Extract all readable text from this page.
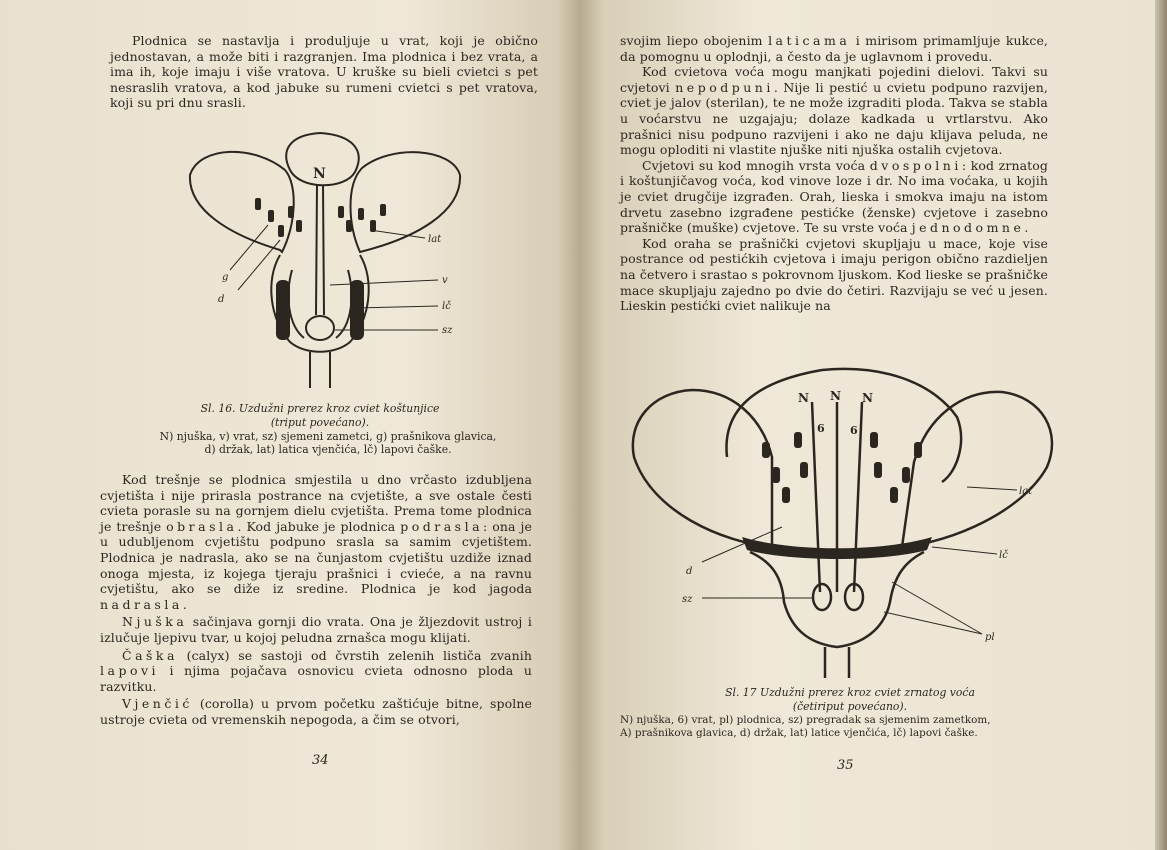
Plodnica se nastavlja i produljuje u vrat, koji je obično jednostavan, a može biti i razgranjen. Ima plodnica i bez vrata, a ima ih, koje imaju i više vratova. U kruške su bieli cvietci s pet nesraslih vratova, a kod jabuke su rumeni cvietci s pet vratova, koji su pri dnu srasli.

N
lat
v
lč
sz
g
d
Sl. 16. Uzdužni prerez kroz cviet koštunjice
(triput povećano).
N) njuška, v) vrat, sz) sjemeni zametci, g) prašnikova glavica,
d) držak, lat) latica vjenčića, lč) lapovi čaške.

Kod trešnje se plodnica smjestila u dno vrčasto izdubljena cvjetišta i nije prirasla postrance na cvjetište, a sve ostale česti cvieta porasle su na gornjem dielu cvjetišta. Prema tome plodnica je trešnje obrasla. Kod jabuke je plodnica podrasla: ona je u udubljenom cvjetištu podpuno srasla sa samim cvjetištem. Plodnica je nadrasla, ako se na čunjastom cvjetištu uzdiže iznad onoga mjesta, iz kojega tjeraju prašnici i cvieće, a na ravnu cvjetištu, ako se diže iz sredine. Plodnica je kod jagoda nadrasla.

Njuška sačinjava gornji dio vrata. Ona je žljezdovit ustroj i izlučuje ljepivu tvar, u kojoj peludna zrnašca mogu klijati.

Čaška (calyx) se sastoji od čvrstih zelenih lističa zvanih lapovi i njima pojačava osnovicu cvieta odnosno ploda u razvitku.

Vjenčić (corolla) u prvom početku zaštićuje bitne, spolne ustroje cvieta od vremenskih nepogoda, a čim se otvori,

34

svojim liepo obojenim laticama i mirisom primamljuje kukce, da pomognu u oplodnji, a često da je uglavnom i provedu.

Kod cvietova voća mogu manjkati pojedini dielovi. Takvi su cvjetovi nepodpuni. Nije li pestić u cvietu podpuno razvijen, cviet je jalov (sterilan), te ne može izgraditi ploda. Takva se stabla u voćarstvu ne uzgajaju; dolaze kadkada u vrtlarstvu. Ako prašnici nisu podpuno razvijeni i ako ne daju klijava peluda, ne mogu oploditi ni vlastite njuške niti njuška ostalih cvjetova.

Cvjetovi su kod mnogih vrsta voća dvospolni: kod zrnatog i koštunjičavog voća, kod vinove loze i dr. No ima voćaka, u kojih je cviet drugčije izgrađen. Orah, lieska i smokva imaju na istom drvetu zasebno izgrađene pestićke (ženske) cvjetove i zasebno prašničke (muške) cvjetove. Te su vrste voća jednodomne.

Kod oraha se prašnički cvjetovi skupljaju u mace, koje vise postrance od pestićkih cvjetova i imaju perigon obično razdieljen na četvero i srastao s pokrovnom ljuskom. Kod lieske se prašničke mace skupljaju zajedno po dvie do četiri. Razvijaju se već u jesen. Lieskin pestićki cviet nalikuje na

N N N
6 6
lat
lč
d
sz
pl
Sl. 17 Uzdužni prerez kroz cviet zrnatog voća
(četiriput povećano).
N) njuška, 6) vrat, pl) plodnica, sz) pregradak sa sjemenim zametkom,
A) prašnikova glavica, d) držak, lat) latice vjenčića, lč) lapovi čaške.
35
